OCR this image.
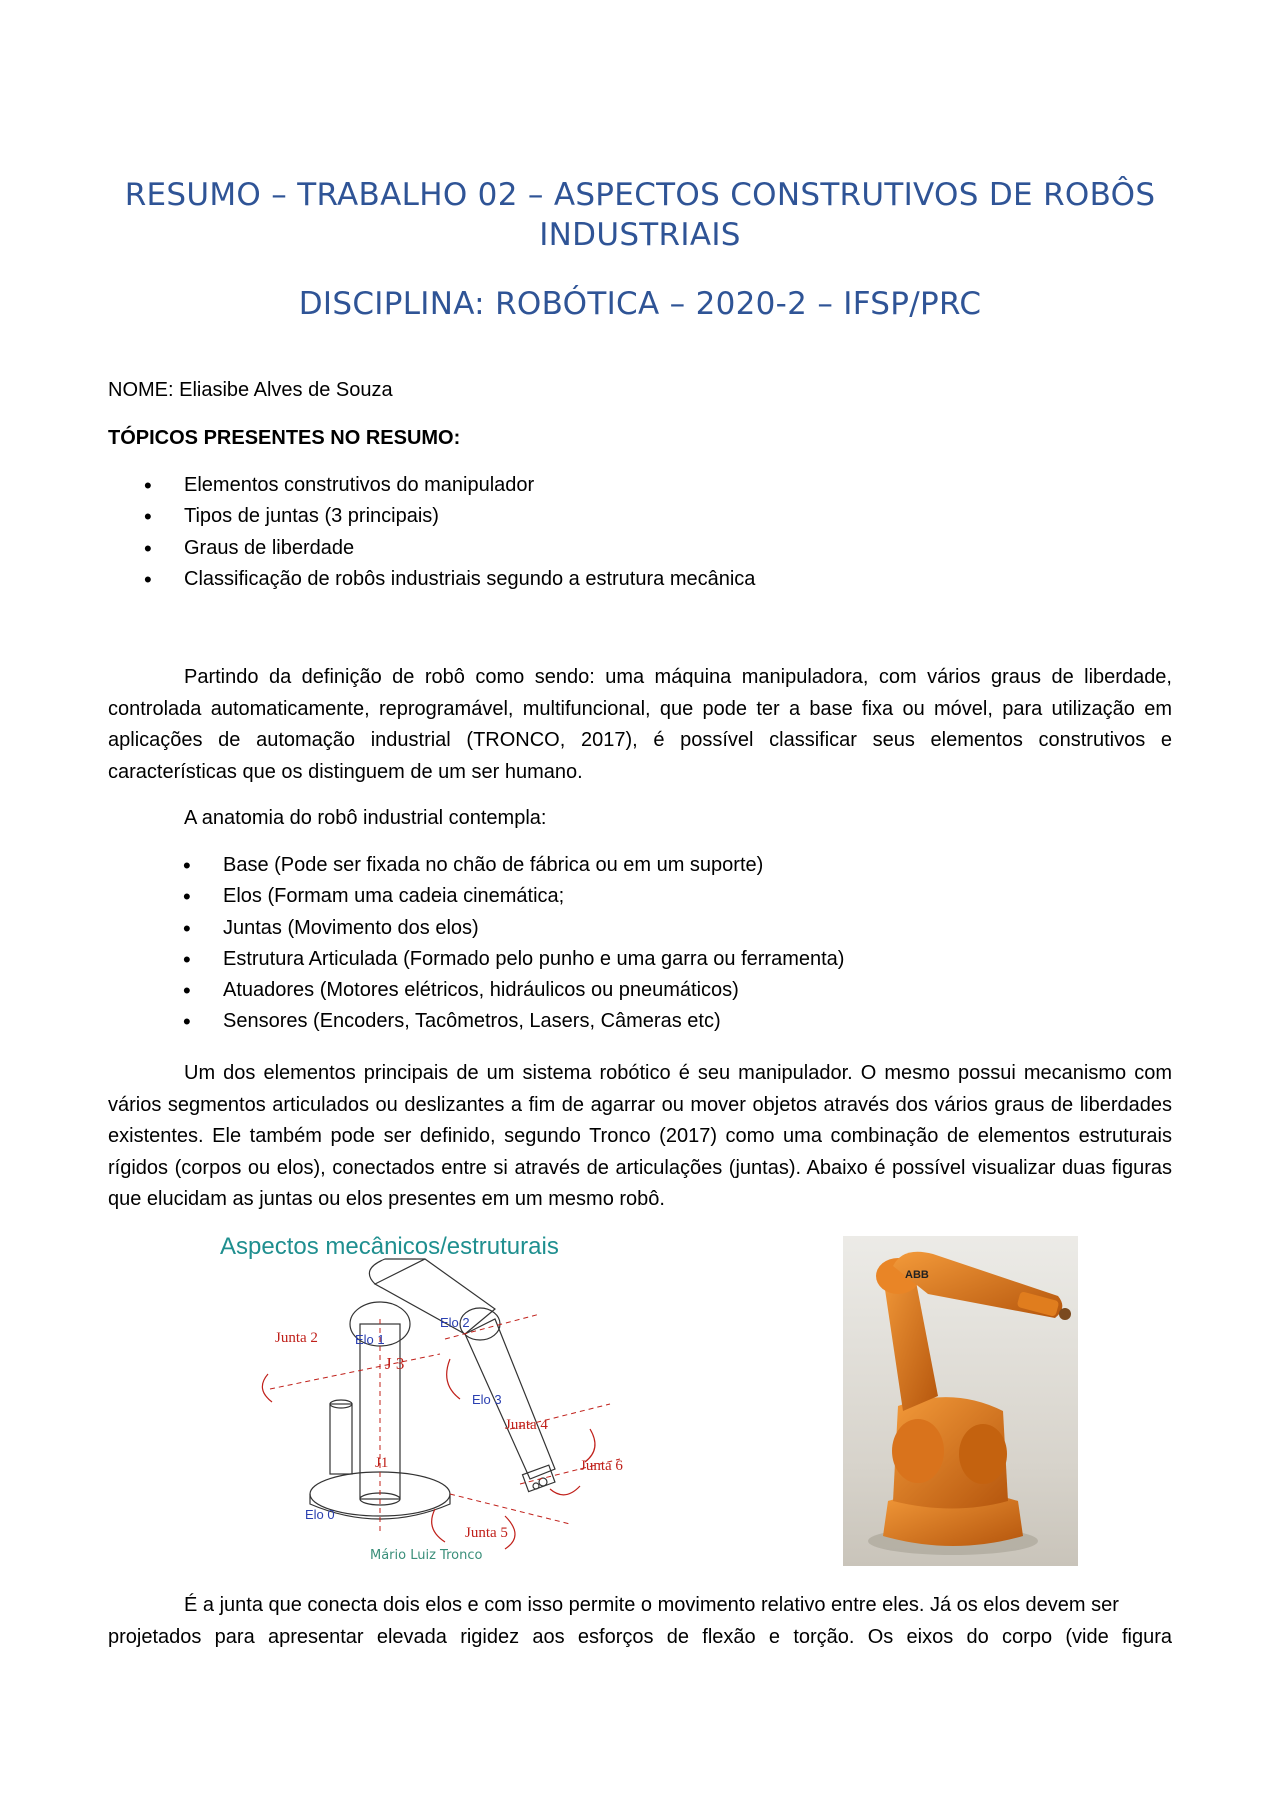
RESUMO – TRABALHO 02 – ASPECTOS CONSTRUTIVOS DE ROBÔS
INDUSTRIAIS
DISCIPLINA: ROBÓTICA – 2020-2 – IFSP/PRC

NOME: Eliasibe Alves de Souza

TÓPICOS PRESENTES NO RESUMO:

• Elementos construtivos do manipulador
• Tipos de juntas (3 principais)
• Graus de liberdade
• Classificação de robôs industriais segundo a estrutura mecânica

Partindo da definição de robô como sendo: uma máquina manipuladora, com vários graus de liberdade, controlada automaticamente, reprogramável, multifuncional, que pode ter a base fixa ou móvel, para utilização em aplicações de automação industrial (TRONCO, 2017), é possível classificar seus elementos construtivos e características que os distinguem de um ser humano.

A anatomia do robô industrial contempla:

• Base (Pode ser fixada no chão de fábrica ou em um suporte)
• Elos (Formam uma cadeia cinemática;
• Juntas (Movimento dos elos)
• Estrutura Articulada (Formado pelo punho e uma garra ou ferramenta)
• Atuadores (Motores elétricos, hidráulicos ou pneumáticos)
• Sensores (Encoders, Tacômetros, Lasers, Câmeras etc)

Um dos elementos principais de um sistema robótico é seu manipulador. O mesmo possui mecanismo com vários segmentos articulados ou deslizantes a fim de agarrar ou mover objetos através dos vários graus de liberdades existentes. Ele também pode ser definido, segundo Tronco (2017) como uma combinação de elementos estruturais rígidos (corpos ou elos), conectados entre si através de articulações (juntas). Abaixo é possível visualizar duas figuras que elucidam as juntas ou elos presentes em um mesmo robô.

Aspectos mecânicos/estruturais
Junta 2
J 3
Junta 4
Junta 6
J1
Junta 5
Elo 1
Elo 2
Elo 3
Elo 0
Mário Luiz Tronco
ABB

É a junta que conecta dois elos e com isso permite o movimento relativo entre eles. Já os elos devem ser

projetados para apresentar elevada rigidez aos esforços de flexão e torção. Os eixos do corpo (vide figura
